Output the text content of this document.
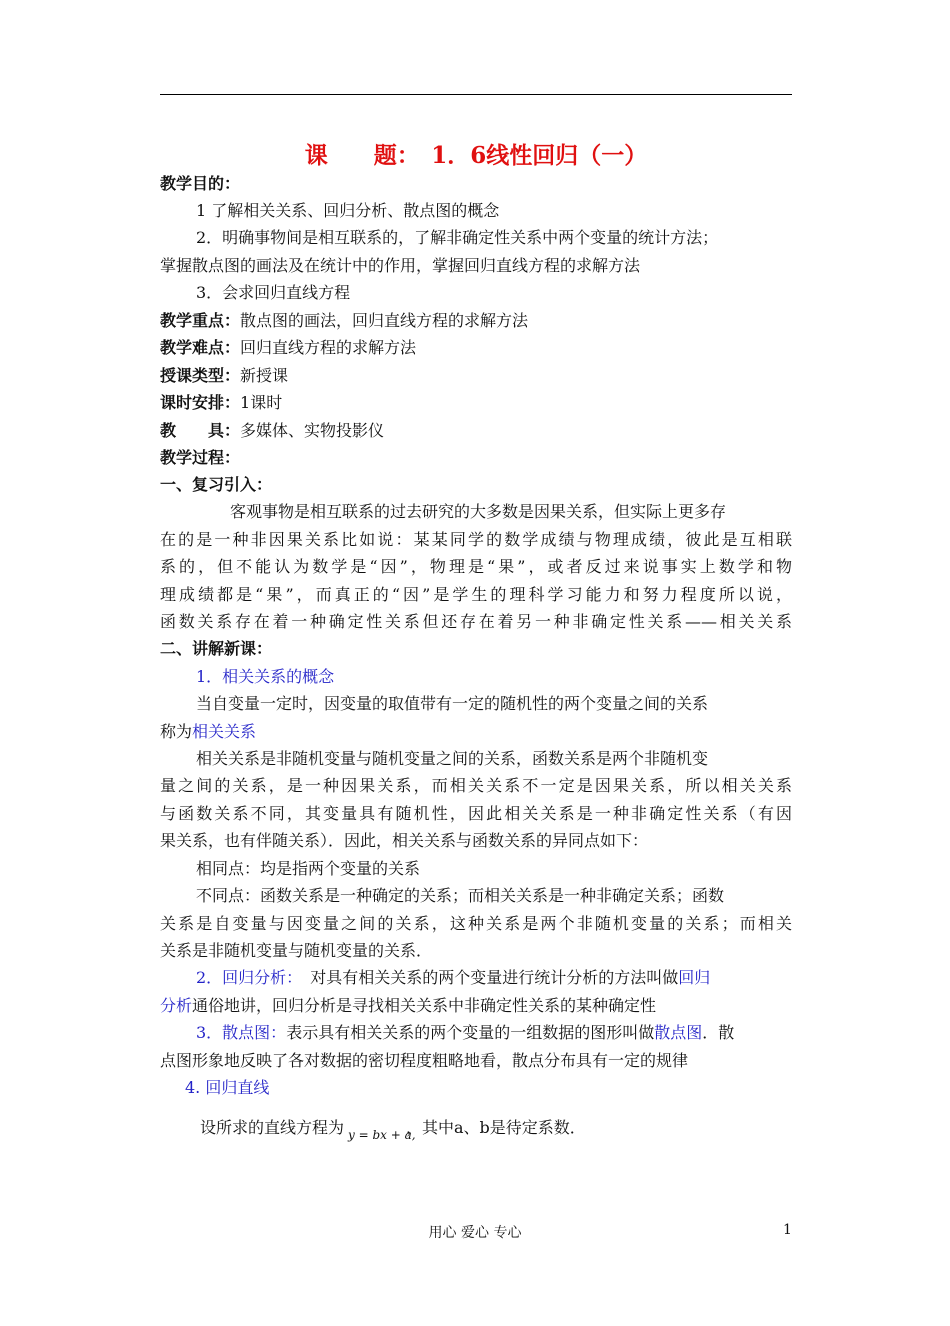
课　　题：　1．6线性回归（一）
教学目的：
1 了解相关关系、回归分析、散点图的概念
2．明确事物间是相互联系的，了解非确定性关系中两个变量的统计方法；
掌握散点图的画法及在统计中的作用，掌握回归直线方程的求解方法
3．会求回归直线方程
教学重点：散点图的画法，回归直线方程的求解方法
教学难点：回归直线方程的求解方法
授课类型：新授课
课时安排：1课时
教　　具：多媒体、实物投影仪
教学过程：
一、复习引入：
客观事物是相互联系的过去研究的大多数是因果关系，但实际上更多存
在的是一种非因果关系比如说：某某同学的数学成绩与物理成绩，彼此是互相联
系的，但不能认为数学是“因”，物理是“果”，或者反过来说事实上数学和物
理成绩都是“果”，而真正的“因”是学生的理科学习能力和努力程度所以说，
函数关系存在着一种确定性关系但还存在着另一种非确定性关系——相关关系
二、讲解新课：
1．相关关系的概念
当自变量一定时，因变量的取值带有一定的随机性的两个变量之间的关系
称为相关关系
相关关系是非随机变量与随机变量之间的关系，函数关系是两个非随机变
量之间的关系，是一种因果关系，而相关关系不一定是因果关系，所以相关关系
与函数关系不同，其变量具有随机性，因此相关关系是一种非确定性关系（有因
果关系，也有伴随关系）．因此，相关关系与函数关系的异同点如下：
相同点：均是指两个变量的关系
不同点：函数关系是一种确定的关系；而相关关系是一种非确定关系；函数
关系是自变量与因变量之间的关系，这种关系是两个非随机变量的关系；而相关
关系是非随机变量与随机变量的关系．
2．回归分析：　对具有相关关系的两个变量进行统计分析的方法叫做回归
分析通俗地讲，回归分析是寻找相关关系中非确定性关系的某种确定性
3．散点图：表示具有相关关系的两个变量的一组数据的图形叫做散点图．散
点图形象地反映了各对数据的密切程度粗略地看，散点分布具有一定的规律
4. 回归直线
设所求的直线方程为 y = bx + a,
，其中a、b是待定系数．
用心 爱心 专心	1
